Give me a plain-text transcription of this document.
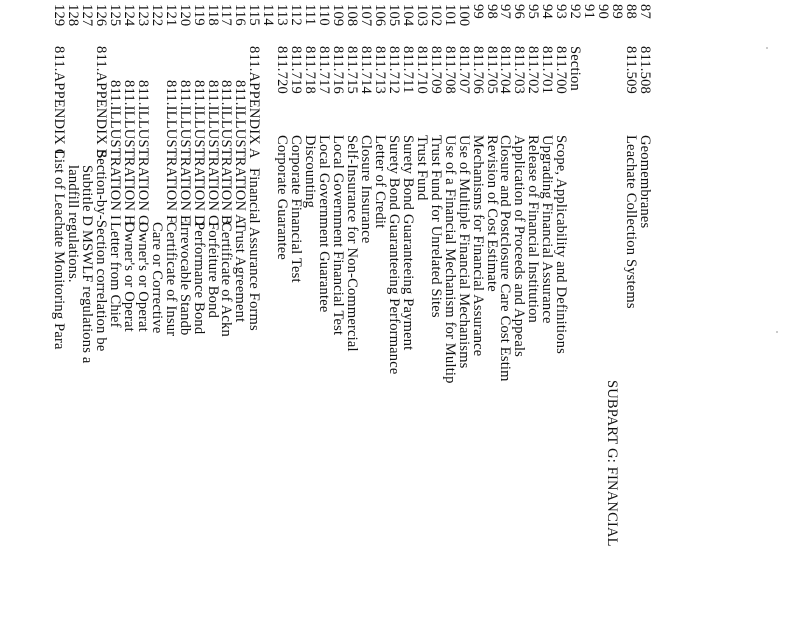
SUBPART G: FINANCIAL
87
811.508
Geomembranes
88
811.509
Leachate Collection Systems
89
90
91
92
Section
93
811.700
Scope, Applicability and Definitions
94
811.701
Upgrading Financial Assurance
95
811.702
Release of Financial Institution
96
811.703
Application of Proceeds and Appeals
97
811.704
Closure and Postclosure Care Cost Estim
98
811.705
Revision of Cost Estimate
99
811.706
Mechanisms for Financial Assurance
100
811.707
Use of Multiple Financial Mechanisms
101
811.708
Use of a Financial Mechanism for Multip
102
811.709
Trust Fund for Unrelated Sites
103
811.710
Trust Fund
104
811.711
Surety Bond Guaranteeing Payment
105
811.712
Surety Bond Guaranteeing Performance
106
811.713
Letter of Credit
107
811.714
Closure Insurance
108
811.715
Self-Insurance for Non-Commercial
109
811.716
Local Government Financial Test
110
811.717
Local Government Guarantee
111
811.718
Discounting
112
811.719
Corporate Financial Test
113
811.720
Corporate Guarantee
114
115
811.APPENDIX A
Financial Assurance Forms
116
811.ILLUSTRATION A
Trust Agreement
117
811.ILLUSTRATION B
Certificate of Ackn
118
811.ILLUSTRATION C
Forfeiture Bond
119
811.ILLUSTRATION D
Performance Bond
120
811.ILLUSTRATION E
Irrevocable Standb
121
811.ILLUSTRATION F
Certificate of Insur
122
Care or Corrective
123
811.ILLUSTRATION G
Owner's or Operat
124
811.ILLUSTRATION H
Owner's or Operat
125
811.ILLUSTRATION I
Letter from Chief
126
811.APPENDIX B
Section-by-Section correlation be
127
Subtitle D MSWLF regulations a
128
landfill regulations.
129
811.APPENDIX C
List of Leachate Monitoring Para
